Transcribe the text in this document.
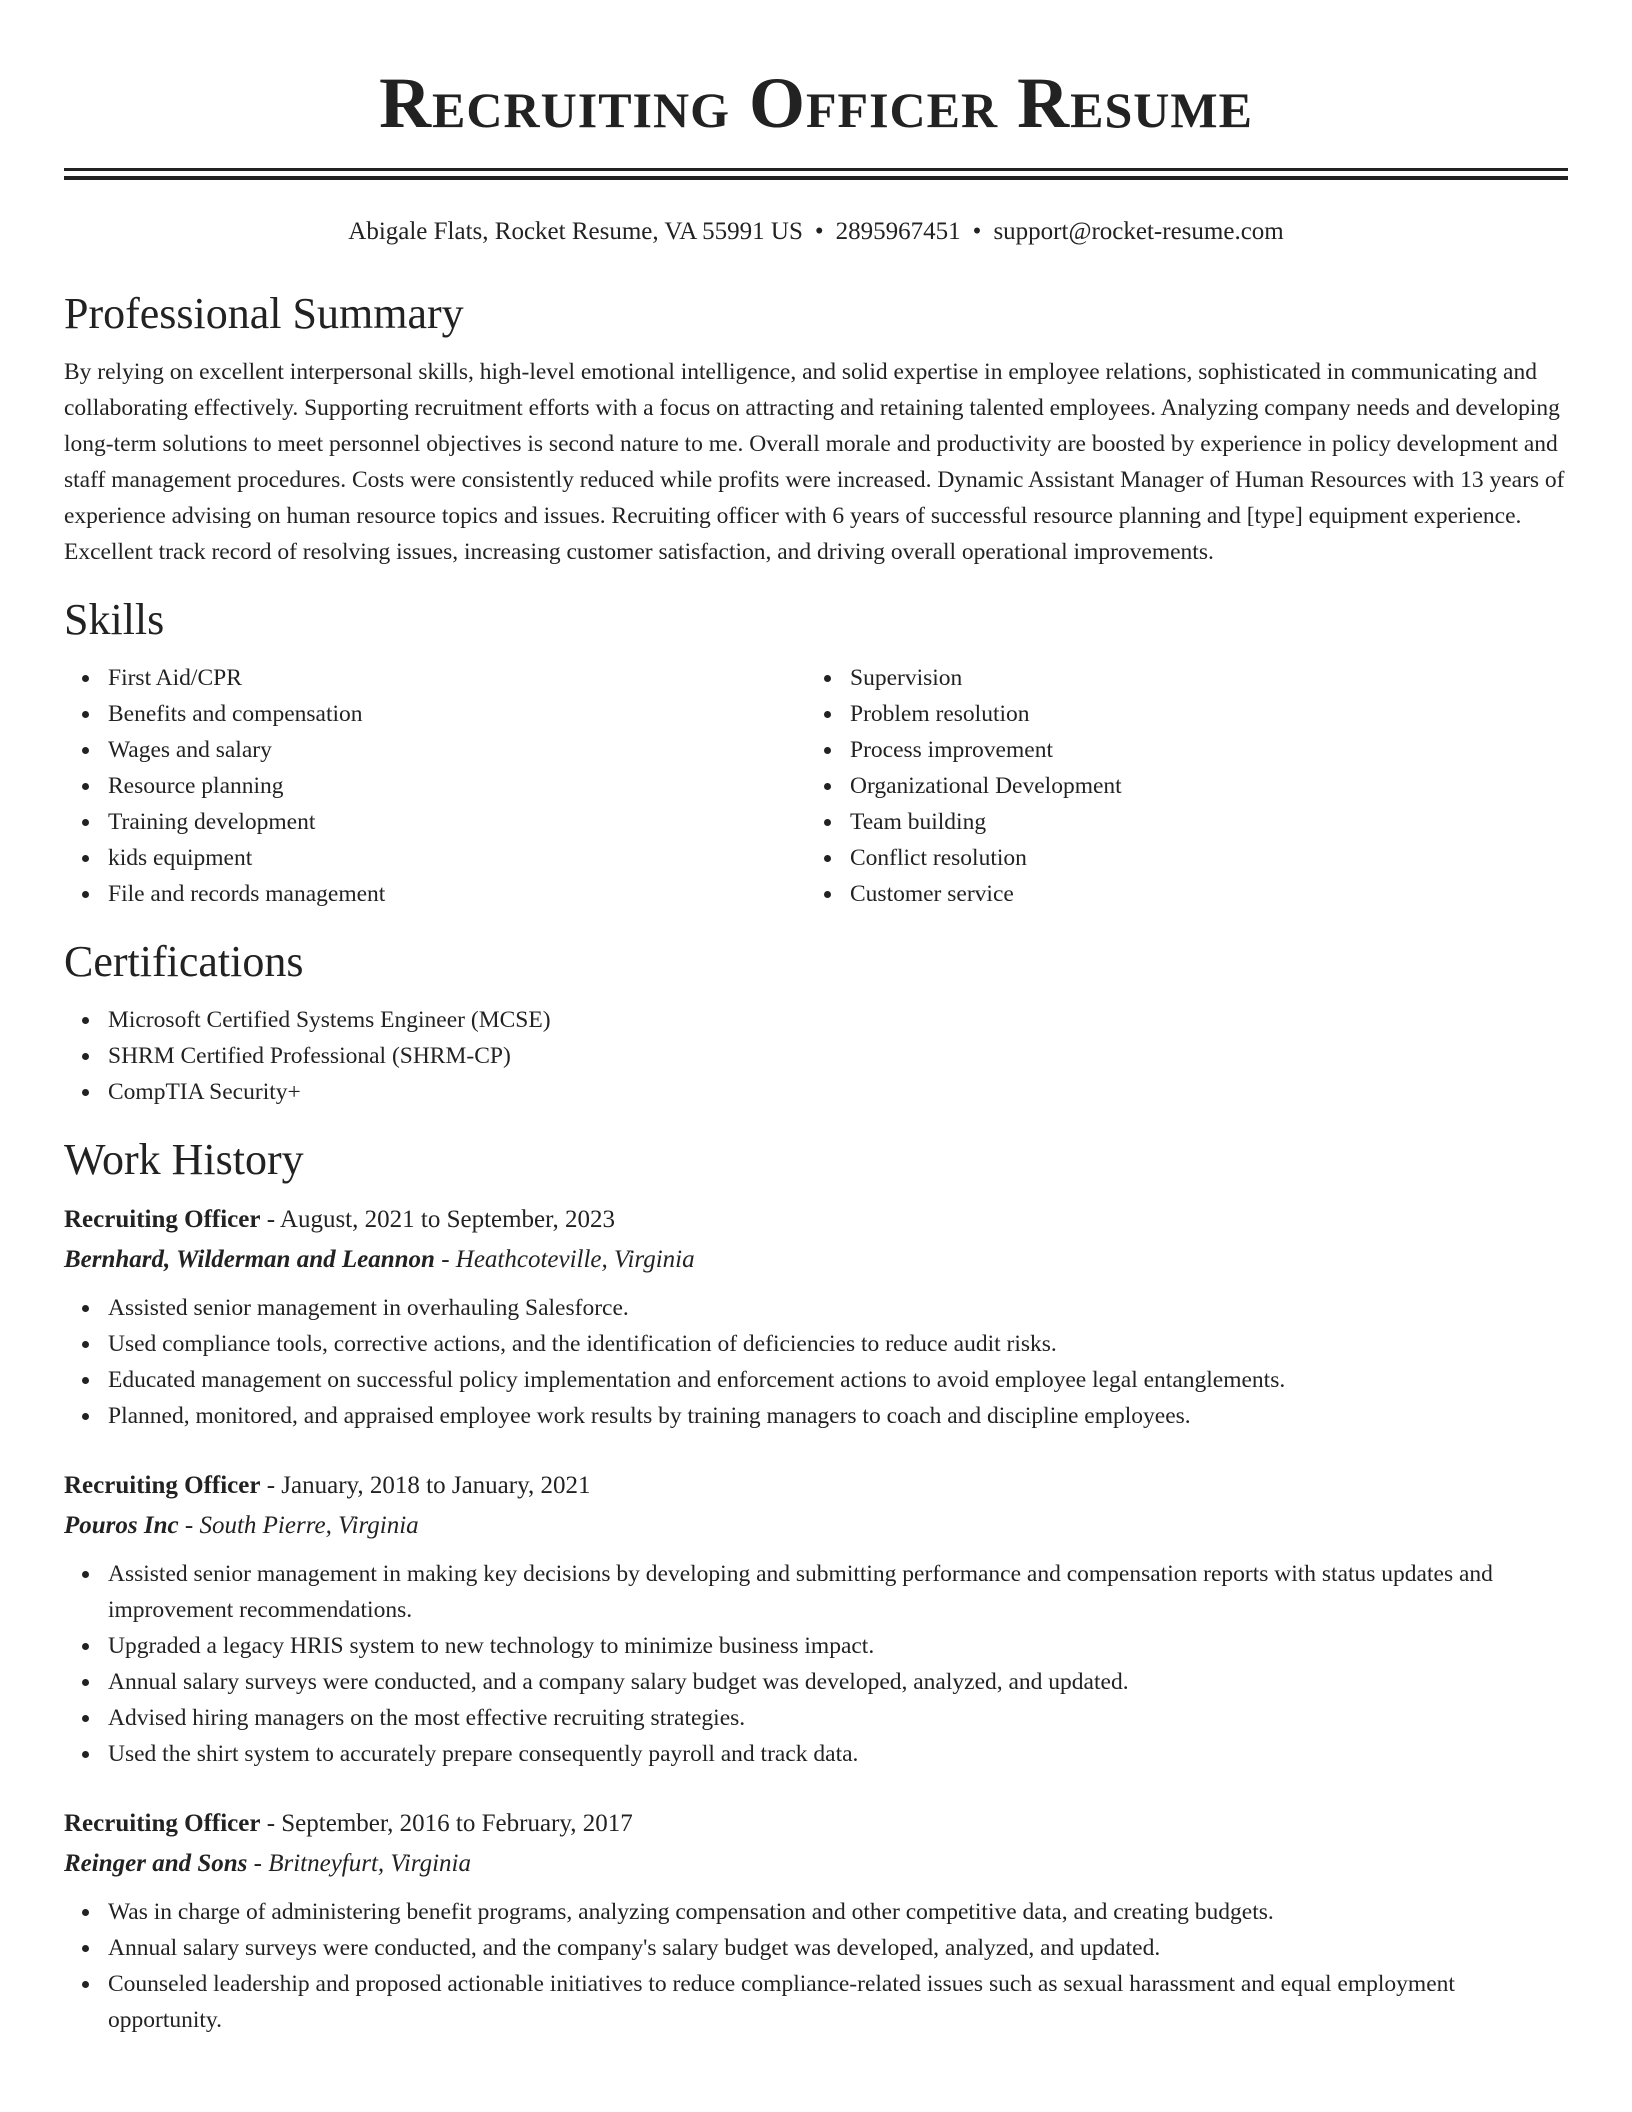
Recruiting Officer Resume
Abigale Flats, Rocket Resume, VA 55991 US • 2895967451 • support@rocket-resume.com
Professional Summary

By relying on excellent interpersonal skills, high-level emotional intelligence, and solid expertise in employee relations, sophisticated in communicating and collaborating effectively. Supporting recruitment efforts with a focus on attracting and retaining talented employees. Analyzing company needs and developing long-term solutions to meet personnel objectives is second nature to me. Overall morale and productivity are boosted by experience in policy development and staff management procedures. Costs were consistently reduced while profits were increased. Dynamic Assistant Manager of Human Resources with 13 years of experience advising on human resource topics and issues. Recruiting officer with 6 years of successful resource planning and [type] equipment experience. Excellent track record of resolving issues, increasing customer satisfaction, and driving overall operational improvements.

Skills
First Aid/CPR
Benefits and compensation
Wages and salary
Resource planning
Training development
kids equipment
File and records management
Supervision
Problem resolution
Process improvement
Organizational Development
Team building
Conflict resolution
Customer service
Certifications
Microsoft Certified Systems Engineer (MCSE)
SHRM Certified Professional (SHRM-CP)
CompTIA Security+
Work History
Recruiting Officer - August, 2021 to September, 2023
Bernhard, Wilderman and Leannon - Heathcoteville, Virginia
Assisted senior management in overhauling Salesforce.
Used compliance tools, corrective actions, and the identification of deficiencies to reduce audit risks.
Educated management on successful policy implementation and enforcement actions to avoid employee legal entanglements.
Planned, monitored, and appraised employee work results by training managers to coach and discipline employees.
Recruiting Officer - January, 2018 to January, 2021
Pouros Inc - South Pierre, Virginia
Assisted senior management in making key decisions by developing and submitting performance and compensation reports with status updates and improvement recommendations.
Upgraded a legacy HRIS system to new technology to minimize business impact.
Annual salary surveys were conducted, and a company salary budget was developed, analyzed, and updated.
Advised hiring managers on the most effective recruiting strategies.
Used the shirt system to accurately prepare consequently payroll and track data.
Recruiting Officer - September, 2016 to February, 2017
Reinger and Sons - Britneyfurt, Virginia
Was in charge of administering benefit programs, analyzing compensation and other competitive data, and creating budgets.
Annual salary surveys were conducted, and the company's salary budget was developed, analyzed, and updated.
Counseled leadership and proposed actionable initiatives to reduce compliance-related issues such as sexual harassment and equal employment opportunity.
